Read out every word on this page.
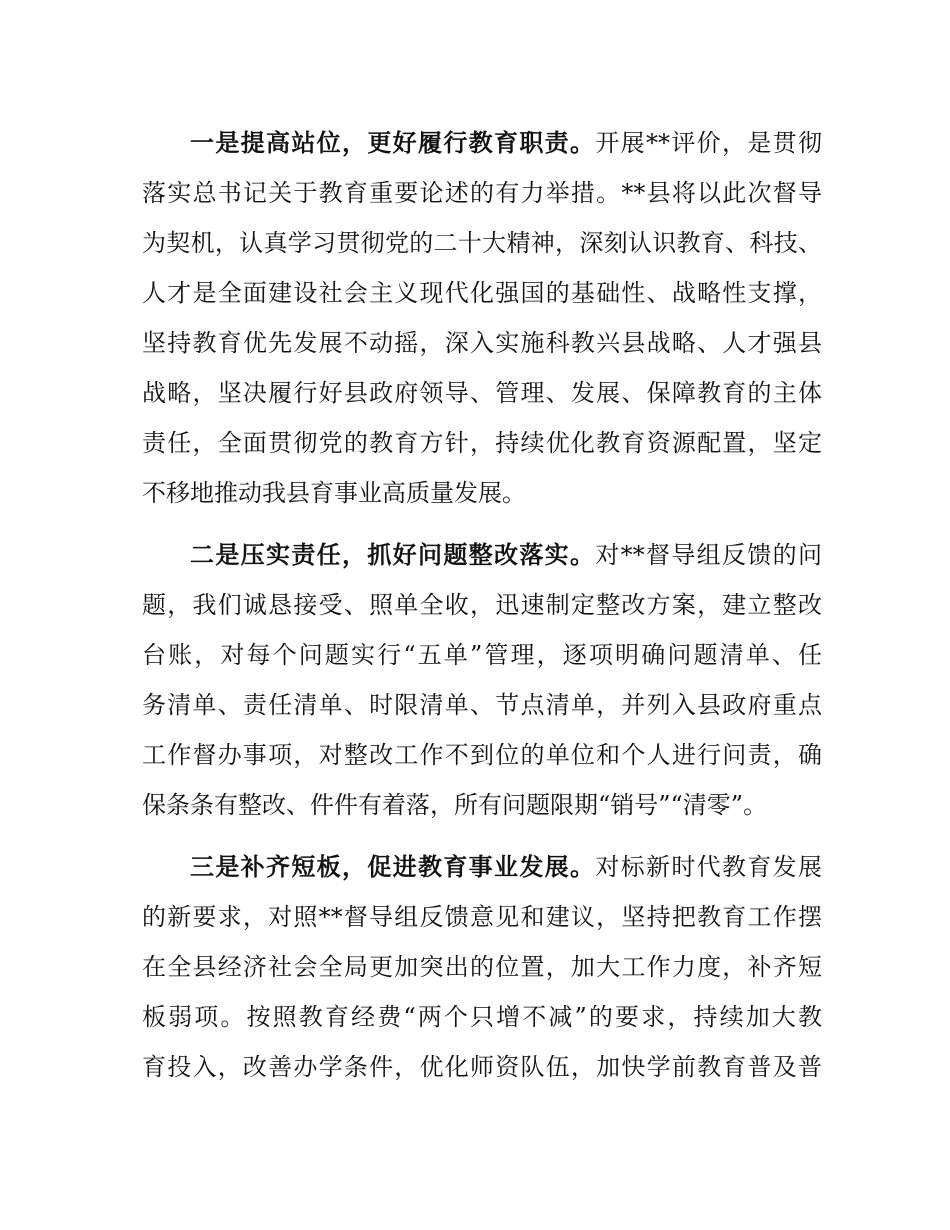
一是提高站位，更好履行教育职责。开展**评价，是贯彻
落实总书记关于教育重要论述的有力举措。**县将以此次督导
为契机，认真学习贯彻党的二十大精神，深刻认识教育、科技、
人才是全面建设社会主义现代化强国的基础性、战略性支撑，
坚持教育优先发展不动摇，深入实施科教兴县战略、人才强县
战略，坚决履行好县政府领导、管理、发展、保障教育的主体
责任，全面贯彻党的教育方针，持续优化教育资源配置，坚定
不移地推动我县育事业高质量发展。
二是压实责任，抓好问题整改落实。对**督导组反馈的问
题，我们诚恳接受、照单全收，迅速制定整改方案，建立整改
台账，对每个问题实行“五单”管理，逐项明确问题清单、任
务清单、责任清单、时限清单、节点清单，并列入县政府重点
工作督办事项，对整改工作不到位的单位和个人进行问责，确
保条条有整改、件件有着落，所有问题限期“销号”“清零”。
三是补齐短板，促进教育事业发展。对标新时代教育发展
的新要求，对照**督导组反馈意见和建议，坚持把教育工作摆
在全县经济社会全局更加突出的位置，加大工作力度，补齐短
板弱项。按照教育经费“两个只增不减”的要求，持续加大教
育投入，改善办学条件，优化师资队伍，加快学前教育普及普
